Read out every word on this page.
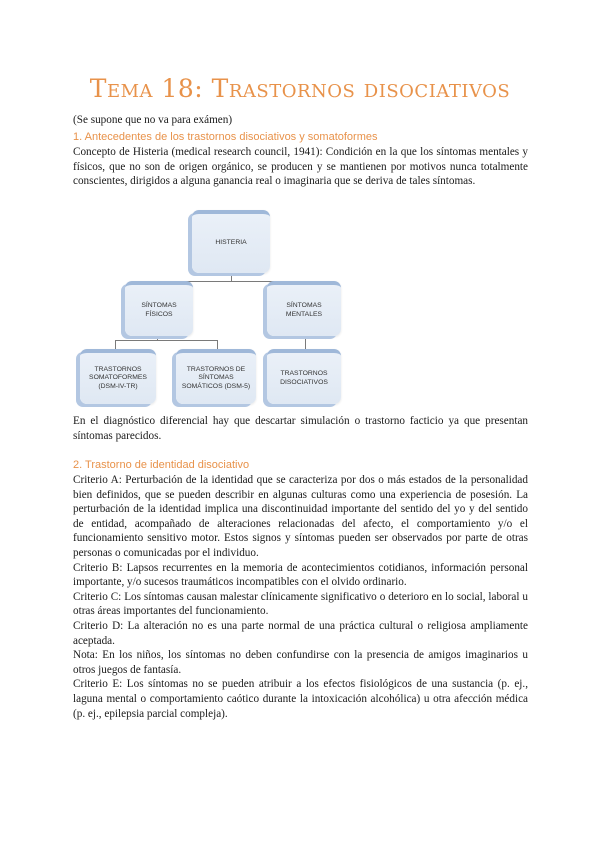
Tema 18: Trastornos disociativos

(Se supone que no va para exámen)

1. Antecedentes de los trastornos disociativos y somatoformes

Concepto de Histeria (medical research council, 1941): Condición en la que los síntomas mentales y físicos, que no son de origen orgánico, se producen y se mantienen por motivos nunca totalmente conscientes, dirigidos a alguna ganancia real o imaginaria que se deriva de tales síntomas.

HISTERIA
SÍNTOMAS FÍSICOS
SÍNTOMAS MENTALES
TRASTORNOS SOMATOFORMES (DSM-IV-TR)
TRASTORNOS DE SÍNTOMAS SOMÁTICOS (DSM-5)
TRASTORNOS DISOCIATIVOS

En el diagnóstico diferencial hay que descartar simulación o trastorno facticio ya que presentan síntomas parecidos.

2. Trastorno de identidad disociativo

Criterio A: Perturbación de la identidad que se caracteriza por dos o más estados de la personalidad bien definidos, que se pueden describir en algunas culturas como una experiencia de posesión. La perturbación de la identidad implica una discontinuidad importante del sentido del yo y del sentido de entidad, acompañado de alteraciones relacionadas del afecto, el comportamiento y/o el funcionamiento sensitivo motor. Estos signos y síntomas pueden ser observados por parte de otras personas o comunicadas por el individuo.

Criterio B: Lapsos recurrentes en la memoria de acontecimientos cotidianos, información personal importante, y/o sucesos traumáticos incompatibles con el olvido ordinario.

Criterio C: Los síntomas causan malestar clínicamente significativo o deterioro en lo social, laboral u otras áreas importantes del funcionamiento.

Criterio D: La alteración no es una parte normal de una práctica cultural o religiosa ampliamente aceptada.

Nota: En los niños, los síntomas no deben confundirse con la presencia de amigos imaginarios u otros juegos de fantasía.

Criterio E: Los síntomas no se pueden atribuir a los efectos fisiológicos de una sustancia (p. ej., laguna mental o comportamiento caótico durante la intoxicación alcohólica) u otra afección médica (p. ej., epilepsia parcial compleja).
